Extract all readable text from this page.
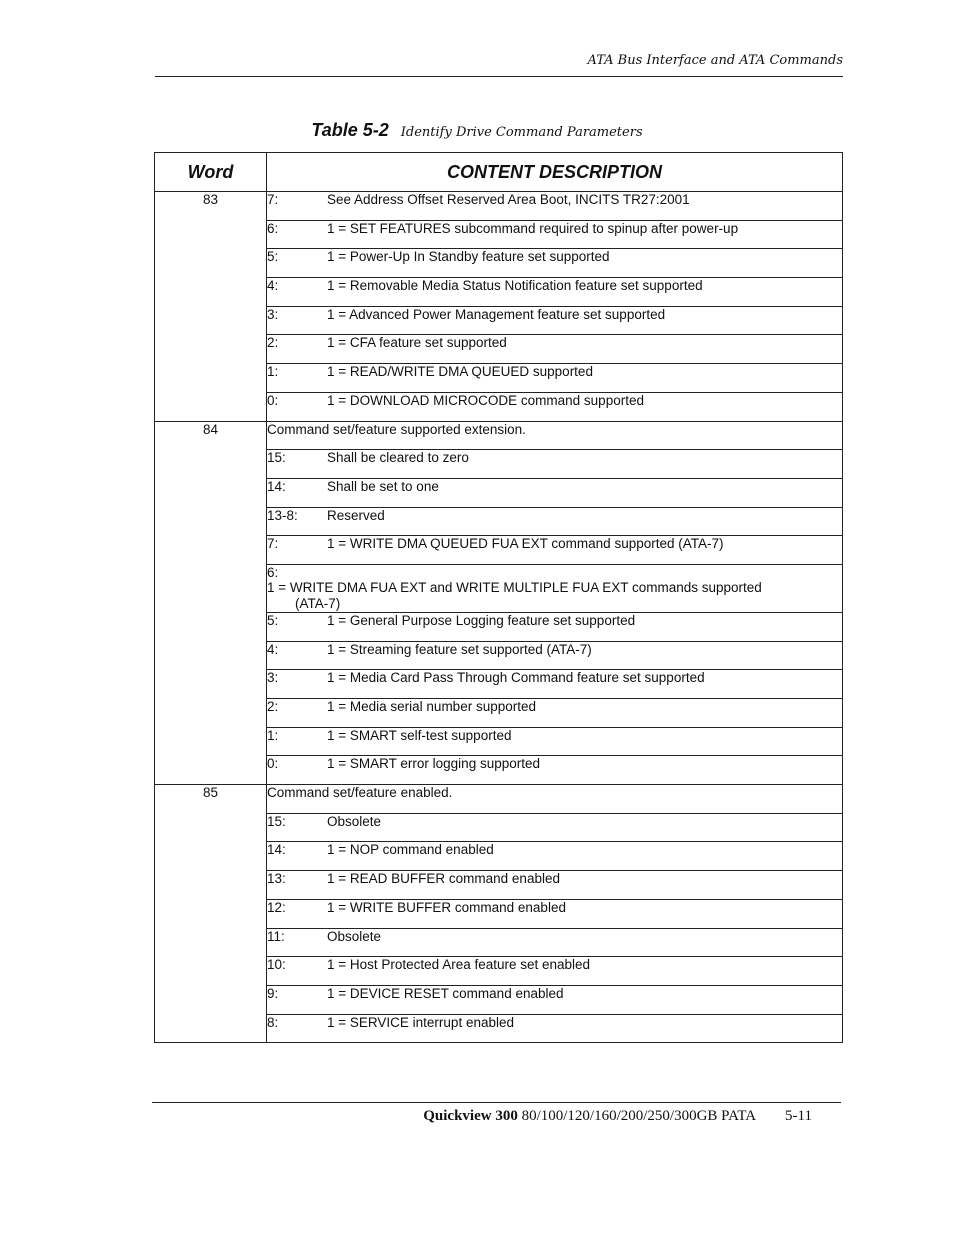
ATA Bus Interface and ATA Commands
Table 5-2 Identify Drive Command Parameters
Word	CONTENT DESCRIPTION
83	7: See Address Offset Reserved Area Boot, INCITS TR27:2001
	6: 1 = SET FEATURES subcommand required to spinup after power-up
	5: 1 = Power-Up In Standby feature set supported
	4: 1 = Removable Media Status Notification feature set supported
	3: 1 = Advanced Power Management feature set supported
	2: 1 = CFA feature set supported
	1: 1 = READ/WRITE DMA QUEUED supported
	0: 1 = DOWNLOAD MICROCODE command supported
84	Command set/feature supported extension.
	15: Shall be cleared to zero
	14: Shall be set to one
	13-8: Reserved
	7: 1 = WRITE DMA QUEUED FUA EXT command supported (ATA-7)
	6:1 = WRITE DMA FUA EXT and WRITE MULTIPLE FUA EXT commands supported (ATA-7)
	5: 1 = General Purpose Logging feature set supported
	4: 1 = Streaming feature set supported (ATA-7)
	3: 1 = Media Card Pass Through Command feature set supported
	2: 1 = Media serial number supported
	1: 1 = SMART self-test supported
	0: 1 = SMART error logging supported
85	Command set/feature enabled.
	15: Obsolete
	14: 1 = NOP command enabled
	13: 1 = READ BUFFER command enabled
	12: 1 = WRITE BUFFER command enabled
	11: Obsolete
	10: 1 = Host Protected Area feature set enabled
	9: 1 = DEVICE RESET command enabled
	8: 1 = SERVICE interrupt enabled
Quickview 300 80/100/120/160/200/250/300GB PATA 5-11
